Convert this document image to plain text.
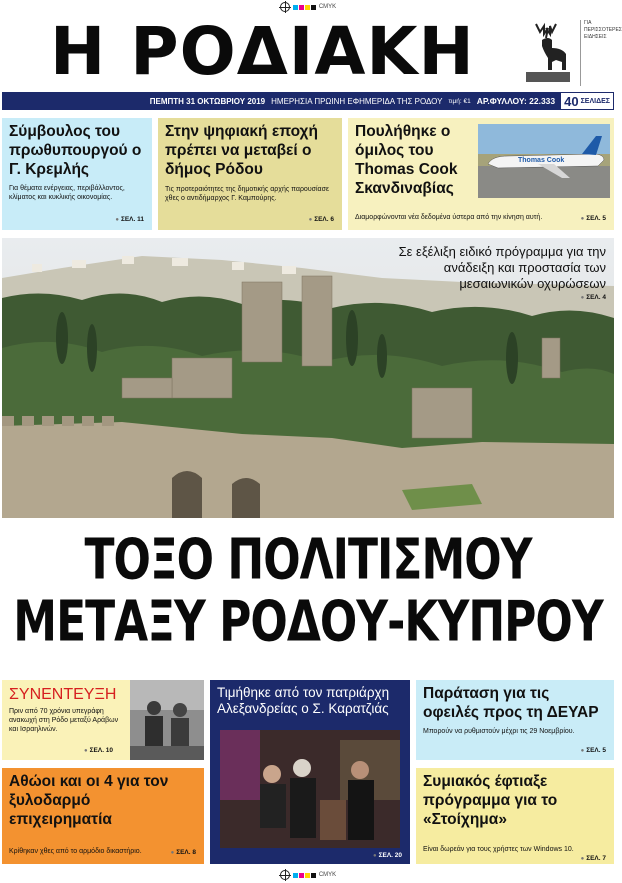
CMYK
Η ΡΟΔΙΑΚΗ	ΓΙΑ ΠΕΡΙΣΣΟΤΕΡΕΣ ΕΙΔΗΣΕΙΣ
ΠΕΜΠΤΗ 31 ΟΚΤΩΒΡΙΟΥ 2019 ΗΜΕΡΗΣΙΑ ΠΡΩΙΝΗ ΕΦΗΜΕΡΙΔΑ ΤΗΣ ΡΟΔΟΥ τιμή: €1 ΑΡ.ΦΥΛΛΟΥ: 22.333 40 ΣΕΛΙΔΕΣ
Σύμβουλος του πρωθυπουργού ο Γ. Κρεμλής

Για θέματα ενέργειας, περιβάλλοντος, κλίματος και κυκλικής οικονομίας.

● ΣΕΛ. 11
Στην ψηφιακή εποχή πρέπει να μεταβεί ο δήμος Ρόδου

Τις προτεραιότητες της δημοτικής αρχής παρουσίασε χθες ο αντιδήμαρχος Γ. Καμπούρης.

● ΣΕΛ. 6
Πουλήθηκε ο όμιλος του Thomas Cook Σκανδιναβίας

Διαμορφώνονται νέα δεδομένα ύστερα από την κίνηση αυτή.	● ΣΕΛ. 5
Thomas Cook
Σε εξέλιξη ειδικό πρόγραμμα για την ανάδειξη και προστασία των μεσαιωνικών οχυρώσεων
● ΣΕΛ. 4
ΤΟΞΟ ΠΟΛΙΤΙΣΜΟΥ
ΜΕΤΑΞΥ ΡΟΔΟΥ-ΚΥΠΡΟΥ
ΣΥΝΕΝΤΕΥΞΗ

Πριν από 70 χρόνια υπεγράφη ανακωχή στη Ρόδο μεταξύ Αράβων και Ισραηλινών.

● ΣΕΛ. 10
Αθώοι και οι 4 για τον ξυλοδαρμό επιχειρηματία

Κρίθηκαν χθες από το αρμόδιο δικαστήριο.	● ΣΕΛ. 8
Τιμήθηκε από τον πατριάρχη Αλεξανδρείας ο Σ. Καρατζιάς
● ΣΕΛ. 20
Παράταση για τις οφειλές προς τη ΔΕΥΑΡ

Μπορούν να ρυθμιστούν μέχρι τις 29 Νοεμβρίου.

● ΣΕΛ. 5
Συμιακός έφτιαξε πρόγραμμα για το «Στοίχημα»

Είναι δωρεάν για τους χρήστες των Windows 10.

● ΣΕΛ. 7
CMYK
